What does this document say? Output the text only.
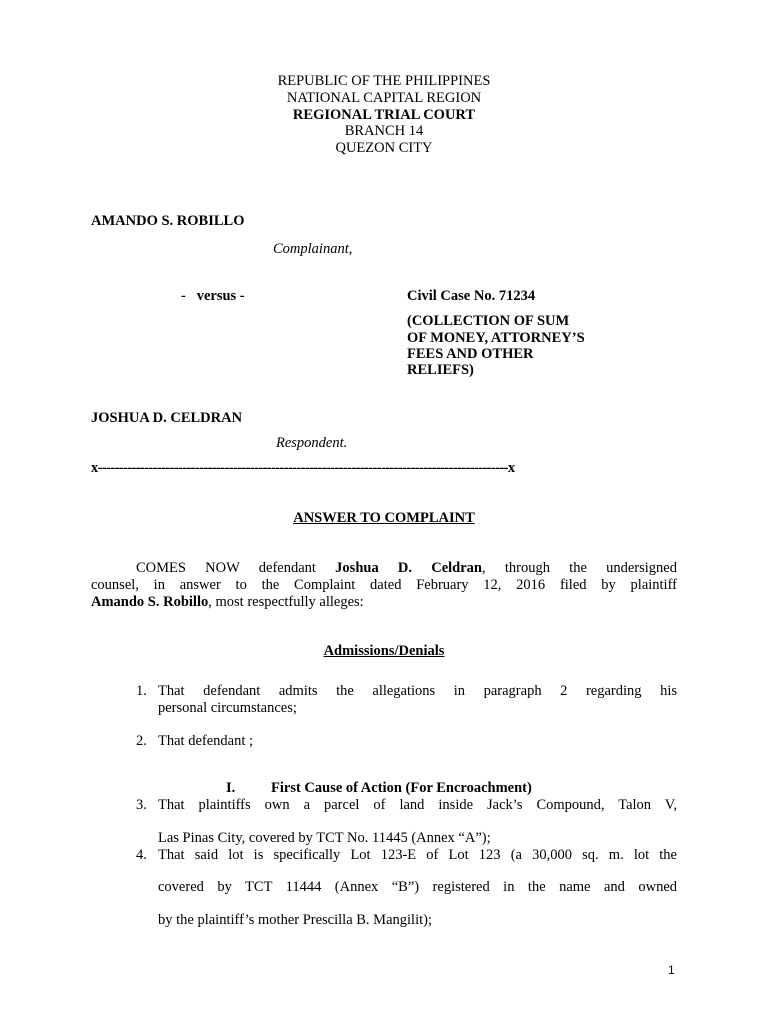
REPUBLIC OF THE PHILIPPINES
NATIONAL CAPITAL REGION
REGIONAL TRIAL COURT
BRANCH 14
QUEZON CITY
AMANDO S. ROBILLO
Complainant,
-   versus -	Civil Case No. 71234
(COLLECTION OF SUM
OF MONEY, ATTORNEY’S
FEES AND OTHER
RELIEFS)
JOSHUA D. CELDRAN
Respondent.
x-------------------------------------------------------------------------------------------------x
ANSWER TO COMPLAINT
COMES NOW defendant Joshua D. Celdran, through the undersigned
counsel, in answer to the Complaint dated February 12, 2016 filed by plaintiff
Amando S. Robillo, most respectfully alleges:
Admissions/Denials
1. That defendant admits the allegations in paragraph 2 regarding his
personal circumstances;
2. That defendant ;
I. First Cause of Action (For Encroachment)
3. That plaintiffs own a parcel of land inside Jack’s Compound, Talon V,
Las Pinas City, covered by TCT No. 11445 (Annex “A”);
4. That said lot is specifically Lot 123-E of Lot 123 (a 30,000 sq. m. lot the
covered by TCT 11444 (Annex “B”) registered in the name and owned
by the plaintiff’s mother Prescilla B. Mangilit);
1
